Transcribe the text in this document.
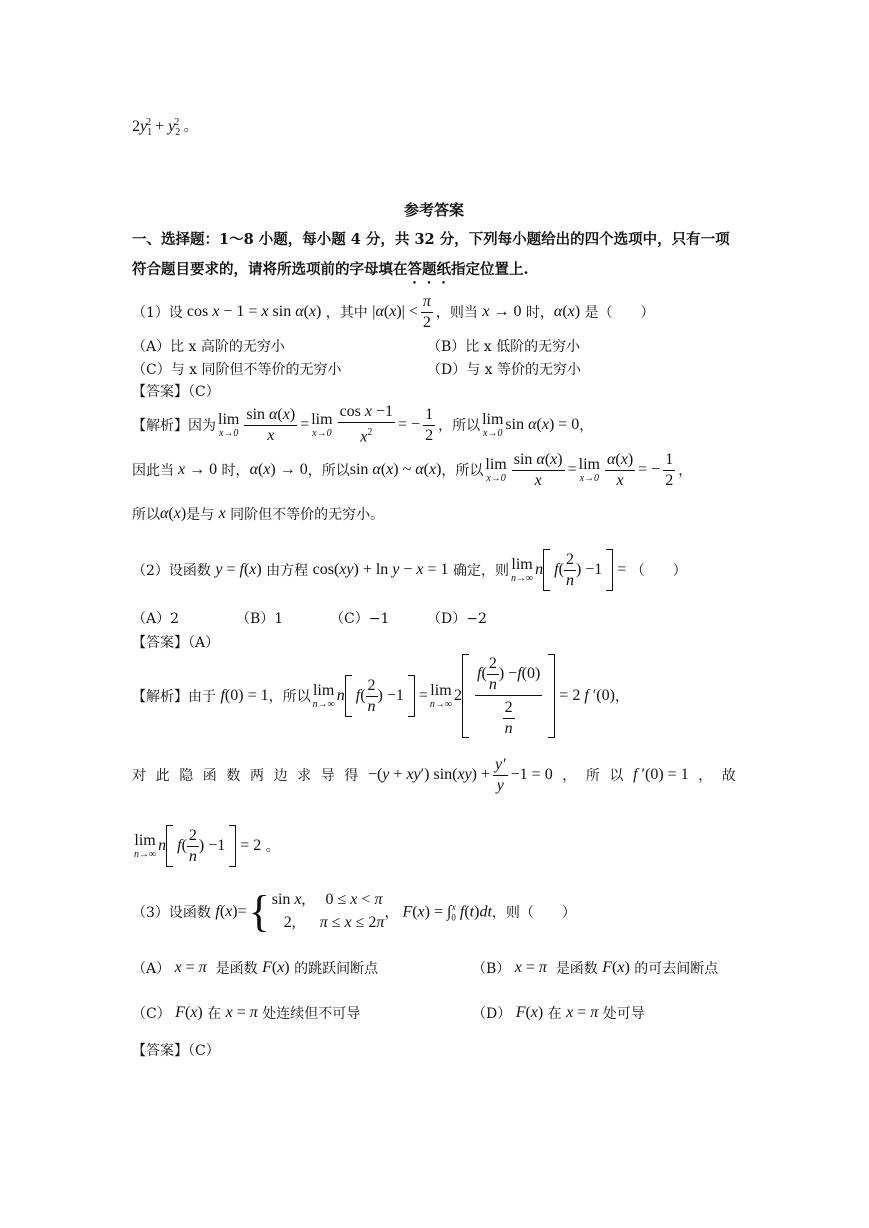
$2y_1^2 + y_2^2$ 。
参考答案
一、选择题：1～8 小题，每小题 4 分，共 32 分，下列每小题给出的四个选项中，只有一项
符合题目要求的，请将所选项前的字母填在答题纸指定位置上.
（1）设 cos x − 1 = x sin α ( x ) ，其中 | α ( x )| < $\frac{\pi}{2}$ ，则当 x → 0 时， α ( x ) 是（　　）
（A）比 x 高阶的无穷小	（B）比 x 低阶的无穷小
（C）与 x 同阶但不等价的无穷小	（D）与 x 等价的无穷小
【答案】（C）
【解析】 因为 lim
$x\to 0 \frac{\text{sin α(x)}}{x} = \lim$
$x\to 0 \frac{\text{cos x −1}}{x^2}$ = − $\frac{1}{2}$ ，所以 lim
x→0 sin α(x) = 0 ，
因此当 x → 0 时， α (x) → 0 ，所以 sin α(x) ~ α(x) ，所以 lim
$x\to 0 \frac{\text{sin α(x)}}{x} = \lim$
$x\to 0 \frac{\alpha(x)}{x}$ = − $\frac{1}{2}$ ，
所以 α (x) 是与 x 同阶但不等价的无穷小。
（2）设函数 y = f(x) 由方程 cos(xy) + ln y − x = 1 确定，则 lim
n→∞ n $f( \frac{2}{n}$ ) −1 = （　　）
（A）2	（B）1	（C）−1	（D）−2
【答案】（A）
【解析】 由于 f(0) = 1 ，所以 lim
n→∞ n $f( \frac{2}{n}$ ) −1 = lim
n→∞ $2 \frac{f ( \frac{2}{n} ) - f (0)}{\frac{2}{n}} = 2$ f ′(0) ，
对 此 隐 函 数 两 边 求 导 得 −(y + xy′) $\sin(xy) + \frac{y'}{y} -1 = 0$ ， 所 以 f ′(0) = 1 ， 故
lim
n→∞ n $f( \frac{2}{n}$ ) −1 = 2 。
（3）设函数 f(x)= { sin x,     0 ≤ x < π
2,      π ≤ x ≤ 2π
， $F(x) = \int_0^x$ f(t)dt ，则（　　）
（A） x = π 是函数 F(x) 的跳跃间断点	（B） x = π 是函数 F(x) 的可去间断点
（C） F(x) 在 x = π 处连续但不可导	（D） F(x) 在 x = π 处可导
【答案】（C）
